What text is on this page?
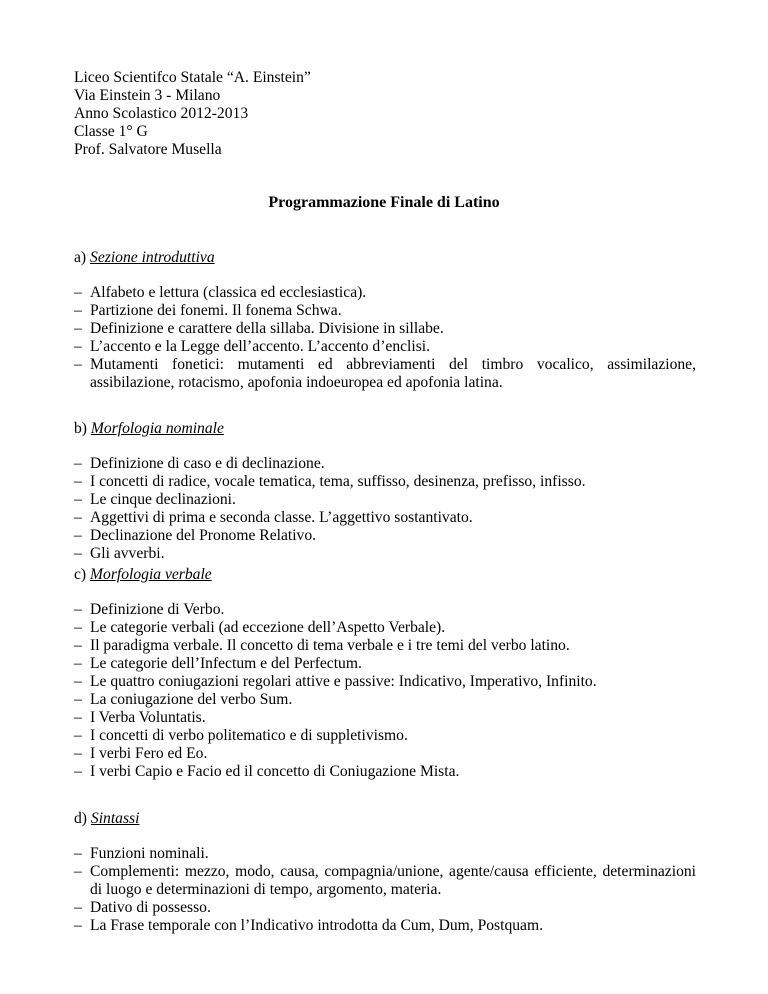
Liceo Scientifco Statale “A. Einstein”
Via Einstein 3 - Milano
Anno Scolastico 2012-2013
Classe 1° G
Prof. Salvatore Musella
Programmazione Finale di Latino
a) Sezione introduttiva
– Alfabeto e lettura (classica ed ecclesiastica).
– Partizione dei fonemi. Il fonema Schwa.
– Definizione e carattere della sillaba. Divisione in sillabe.
– L’accento e la Legge dell’accento. L’accento d’enclisi.
– Mutamenti fonetici: mutamenti ed abbreviamenti del timbro vocalico, assimilazione, assibilazione, rotacismo, apofonia indoeuropea ed apofonia latina.
b) Morfologia nominale
– Definizione di caso e di declinazione.
– I concetti di radice, vocale tematica, tema, suffisso, desinenza, prefisso, infisso.
– Le cinque declinazioni.
– Aggettivi di prima e seconda classe. L’aggettivo sostantivato.
– Declinazione del Pronome Relativo.
– Gli avverbi.
c) Morfologia verbale
– Definizione di Verbo.
– Le categorie verbali (ad eccezione dell’Aspetto Verbale).
– Il paradigma verbale. Il concetto di tema verbale e i tre temi del verbo latino.
– Le categorie dell’Infectum e del Perfectum.
– Le quattro coniugazioni regolari attive e passive: Indicativo, Imperativo, Infinito.
– La coniugazione del verbo Sum.
– I Verba Voluntatis.
– I concetti di verbo politematico e di suppletivismo.
– I verbi Fero ed Eo.
– I verbi Capio e Facio ed il concetto di Coniugazione Mista.
d) Sintassi
– Funzioni nominali.
– Complementi: mezzo, modo, causa, compagnia/unione, agente/causa efficiente, determinazioni di luogo e determinazioni di tempo, argomento, materia.
– Dativo di possesso.
– La Frase temporale con l’Indicativo introdotta da Cum, Dum, Postquam.
